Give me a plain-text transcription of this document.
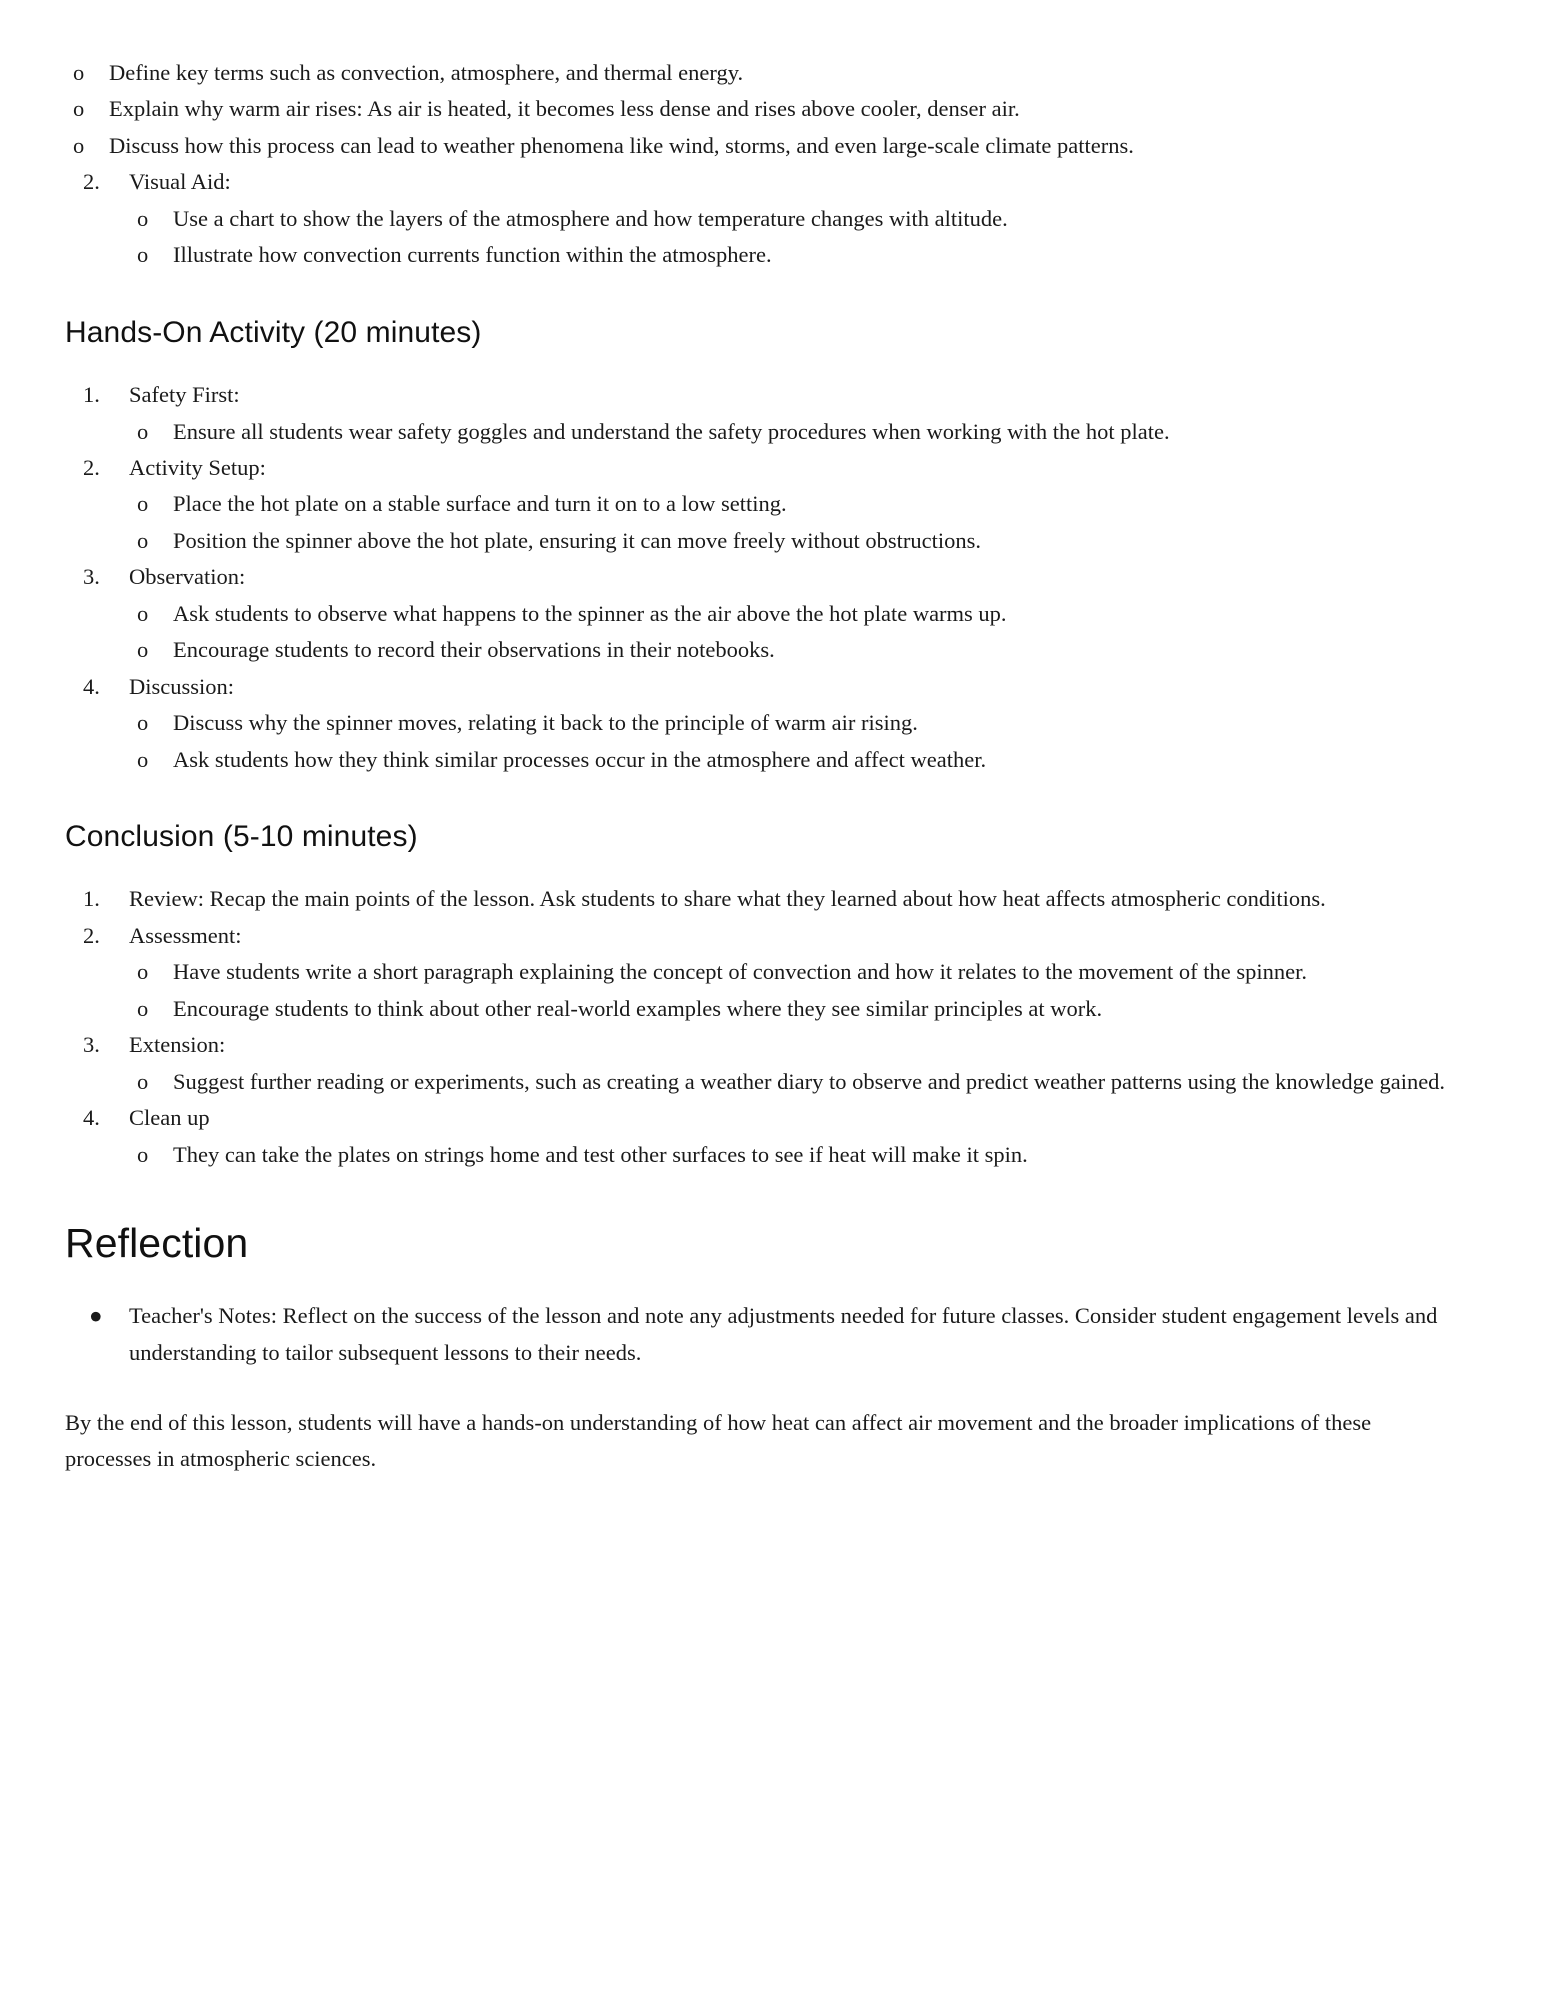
o Define key terms such as convection, atmosphere, and thermal energy.
o Explain why warm air rises: As air is heated, it becomes less dense and rises above cooler, denser air.
o Discuss how this process can lead to weather phenomena like wind, storms, and even large-scale climate patterns.
2.	Visual Aid:
o Use a chart to show the layers of the atmosphere and how temperature changes with altitude.
o Illustrate how convection currents function within the atmosphere.
Hands-On Activity (20 minutes)
1.	Safety First:
o Ensure all students wear safety goggles and understand the safety procedures when working with the hot plate.
2.	Activity Setup:
o Place the hot plate on a stable surface and turn it on to a low setting.
o Position the spinner above the hot plate, ensuring it can move freely without obstructions.
3.	Observation:
o Ask students to observe what happens to the spinner as the air above the hot plate warms up.
o Encourage students to record their observations in their notebooks.
4.	Discussion:
o Discuss why the spinner moves, relating it back to the principle of warm air rising.
o Ask students how they think similar processes occur in the atmosphere and affect weather.
Conclusion (5-10 minutes)
1.	Review: Recap the main points of the lesson. Ask students to share what they learned about how heat affects atmospheric conditions.
2.	Assessment:
o Have students write a short paragraph explaining the concept of convection and how it relates to the movement of the spinner.
o Encourage students to think about other real-world examples where they see similar principles at work.
3.	Extension:
o Suggest further reading or experiments, such as creating a weather diary to observe and predict weather patterns using the knowledge gained.
4.	Clean up
o They can take the plates on strings home and test other surfaces to see if heat will make it spin.
Reflection
● Teacher's Notes: Reflect on the success of the lesson and note any adjustments needed for future classes. Consider student engagement levels and understanding to tailor subsequent lessons to their needs.

By the end of this lesson, students will have a hands-on understanding of how heat can affect air movement and the broader implications of these processes in atmospheric sciences.
